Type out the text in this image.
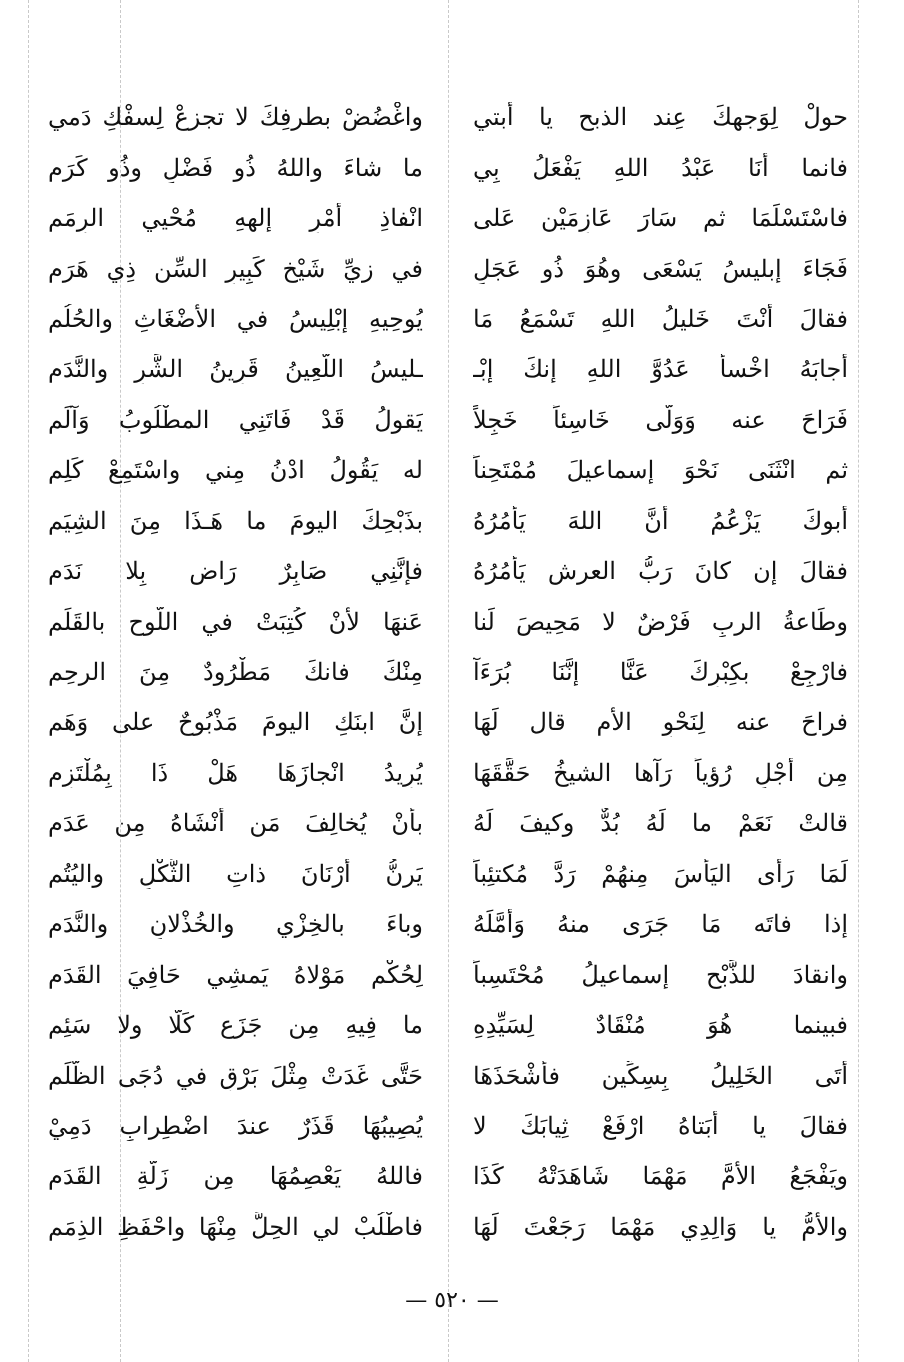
حولْ لِوَجهِكَ عِند الذبح يا أَبتي
واغْضُضْ بطرفِكَ لا تجزعْ لِسفْكِ دَمي
فانما أنَا عَبْدُ اللهِ يَفْعَلُ بِي
ما شاءَ واللهُ ذُو فَضْلٍ وذُو كَرَمِ
فاسْتَسْلَمَا ثم سَارَ عَازِمَيْنِ عَلى
انْفاذِ أَمْرِ إلهِهِ مُحْيي الرِمَمِ
فَجَاءَ إبليسُ يَسْعَى وهُوَ ذُو عَجَلٍ
في زيِّ شَيْخٍ كَبِيرِ السِّنِ ذِي هَرَمِ
فقالَ أَنْتَ خَليلُ اللهِ تَسْمَعُ مَا
يُوحِيهِ إبْلِيسُ في الأَضْغَاثِ والحُلُمِ
أجابَهُ اخْسأْ عَدُوَّ اللهِ إنكَ إبْـ
ـليسُ اللَّعِينُ قَرِينُ الشَّرِ والنَّدَمِ
فَرَاحَ عنه وَوَلَّى خَاسِئاً خَجِلاً
يَقولُ قَدْ فَاتَنِي المطْلُوبُ وَآلَمِ
ثم انْثَنَى نَحْوَ إسماعيلَ مُمْتَحِناً
له يَقُولُ ادْنُ مِني واسْتَمِعْ كَلِمِ
أَبوكَ يَزْعُمُ أَنَّ اللهَ يَأْمُرُهُ
بذَبْحِكَ اليومَ ما هَـذَا مِنَ الشِيَمِ
فقالَ إن كانَ رَبُّ العرشِ يَأْمُرُهُ
فإنَّنِي صَابِرٌ رَاضٍ بِلا نَدَمِ
وطَاعةُ الربِ فَرْضٌ لا مَحِيصَ لَنا
عَنهَا لأنْ كُتِبَتْ في اللَّوحِ بالقَلَمِ
فارْجِعْ بكِبْرِكَ عَنَّا إنَّنَا بُرَءَآ
مِنْكَ فانكَ مَطْرُودٌ مِنَ الرحِمِ
فراحَ عنه لِنَحْوِ الأم قال لَهَا
إنَّ ابنَكِ اليومَ مَذْبُوحٌ على وَهَمِ
مِن أجْلِ رُؤياً رَآها الشيخُ حَقَّقَهَا
يُرِيدُ انْجازَهَا هَلْ ذَا بِمُلْتَزِمِ
قالتْ نَعَمْ ما لَهُ بُدٌّ وكيفَ لَهُ
بأنْ يُخالِفَ مَن أنْشَاهُ مِن عَدَمِ
لَمَا رَأَى اليَأْسَ مِنهُمْ رَدَّ مُكتئِباً
يَرنُّ أَرْنَانَ ذاتِ الثُّكْلِ واليُتُمِ
إذا فاتَه مَا جَرَى منهُ وَأَمَّلَهُ
وباءَ بالخِزْيِ والخُذْلانِ والنَّدَمِ
وانقادَ للذَّبْحِ إسماعيلُ مُحْتَسِباً
لِحُكْمِ مَوْلاهُ يَمشِي حَافِيَ القَدَمِ
فبينما هُوَ مُنْقَادٌ لِسَيِّدِهِ
ما فِيهِ مِن جَزَعٍ كَلَّا ولا سَئِمِ
أَتَى الخَلِيلُ بِسِكِّينٍ فأَشْحَذَهَا
حَتَّى غَدَتْ مِثْلَ بَرْقٍ في دُجَى الظُّلَمِ
فقالَ يا أَبَتاهُ ارْفَعْ ثِيابَكَ لا
يُصِيبُهَا قَذَرٌ عندَ اضْطِرابِ دَمِيْ
ويَفْجَعُ الأمَّ مَهْمَا شَاهَدَتْهُ كَذَا
فاللهُ يَعْصِمُهَا مِن زَلَّةِ القَدَمِ
والأُمُّ يا وَالِدِي مَهْمَا رَجَعْتَ لَهَا
فاطْلُبْ لي الحِلَّ مِنْهَا واحْفَظِ الذِمَمِ
— ٥٢٠ —
